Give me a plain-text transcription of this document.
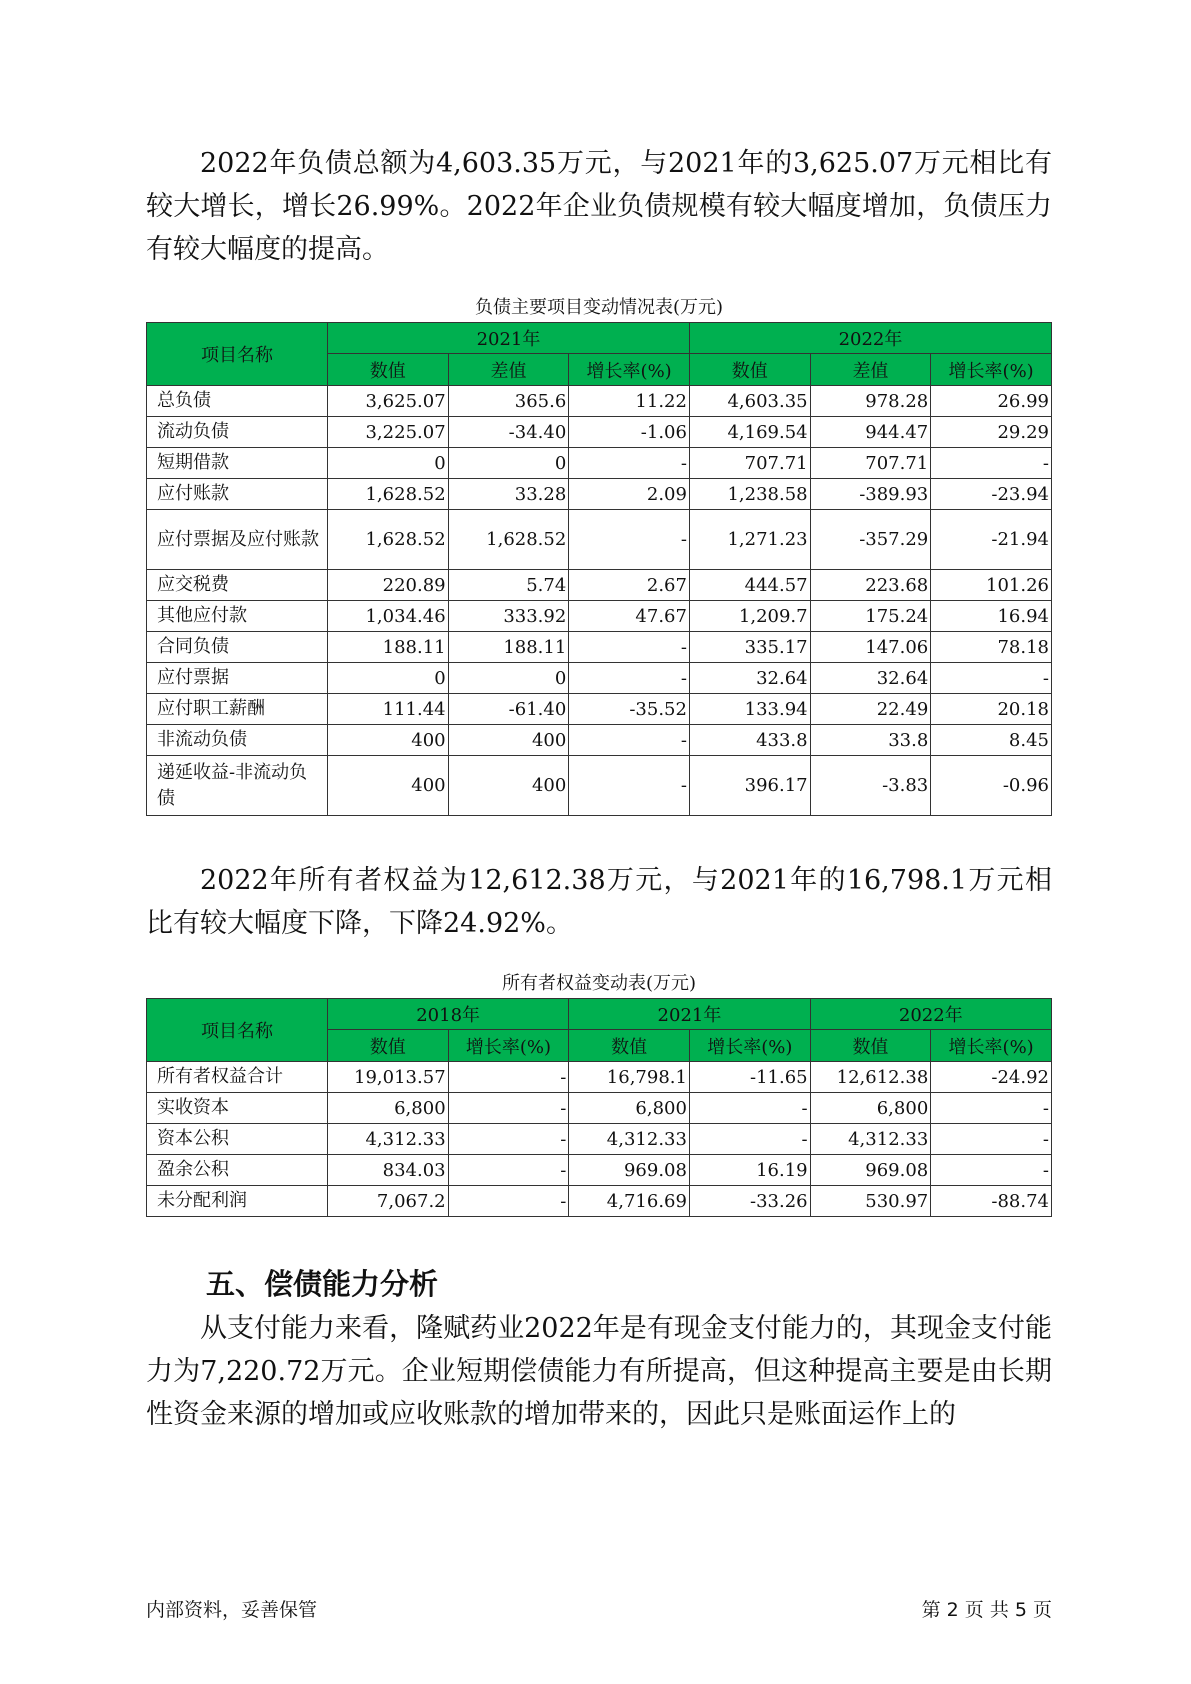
2022年负债总额为4,603.35万元，与2021年的3,625.07万元相比有较大增长，增长26.99%。2022年企业负债规模有较大幅度增加，负债压力有较大幅度的提高。
负债主要项目变动情况表(万元)
项目名称	2021年			2022年		
	数值	差值	增长率(%)	数值	差值	增长率(%)
总负债	3,625.07	365.6	11.22	4,603.35	978.28	26.99
流动负债	3,225.07	-34.40	-1.06	4,169.54	944.47	29.29
短期借款	0	0	-	707.71	707.71	-
应付账款	1,628.52	33.28	2.09	1,238.58	-389.93	-23.94
应付票据及应付账款	1,628.52	1,628.52	-	1,271.23	-357.29	-21.94
应交税费	220.89	5.74	2.67	444.57	223.68	101.26
其他应付款	1,034.46	333.92	47.67	1,209.7	175.24	16.94
合同负债	188.11	188.11	-	335.17	147.06	78.18
应付票据	0	0	-	32.64	32.64	-
应付职工薪酬	111.44	-61.40	-35.52	133.94	22.49	20.18
非流动负债	400	400	-	433.8	33.8	8.45
递延收益-非流动负债	400	400	-	396.17	-3.83	-0.96
2022年所有者权益为12,612.38万元，与2021年的16,798.1万元相比有较大幅度下降，下降24.92%。
所有者权益变动表(万元)
项目名称	2018年		2021年		2022年	
	数值	增长率(%)	数值	增长率(%)	数值	增长率(%)
所有者权益合计	19,013.57	-	16,798.1	-11.65	12,612.38	-24.92
实收资本	6,800	-	6,800	-	6,800	-
资本公积	4,312.33	-	4,312.33	-	4,312.33	-
盈余公积	834.03	-	969.08	16.19	969.08	-
未分配利润	7,067.2	-	4,716.69	-33.26	530.97	-88.74
五、偿债能力分析
从支付能力来看，隆赋药业2022年是有现金支付能力的，其现金支付能力为7,220.72万元。企业短期偿债能力有所提高，但这种提高主要是由长期性资金来源的增加或应收账款的增加带来的，因此只是账面运作上的
内部资料，妥善保管	第 2 页 共 5 页
